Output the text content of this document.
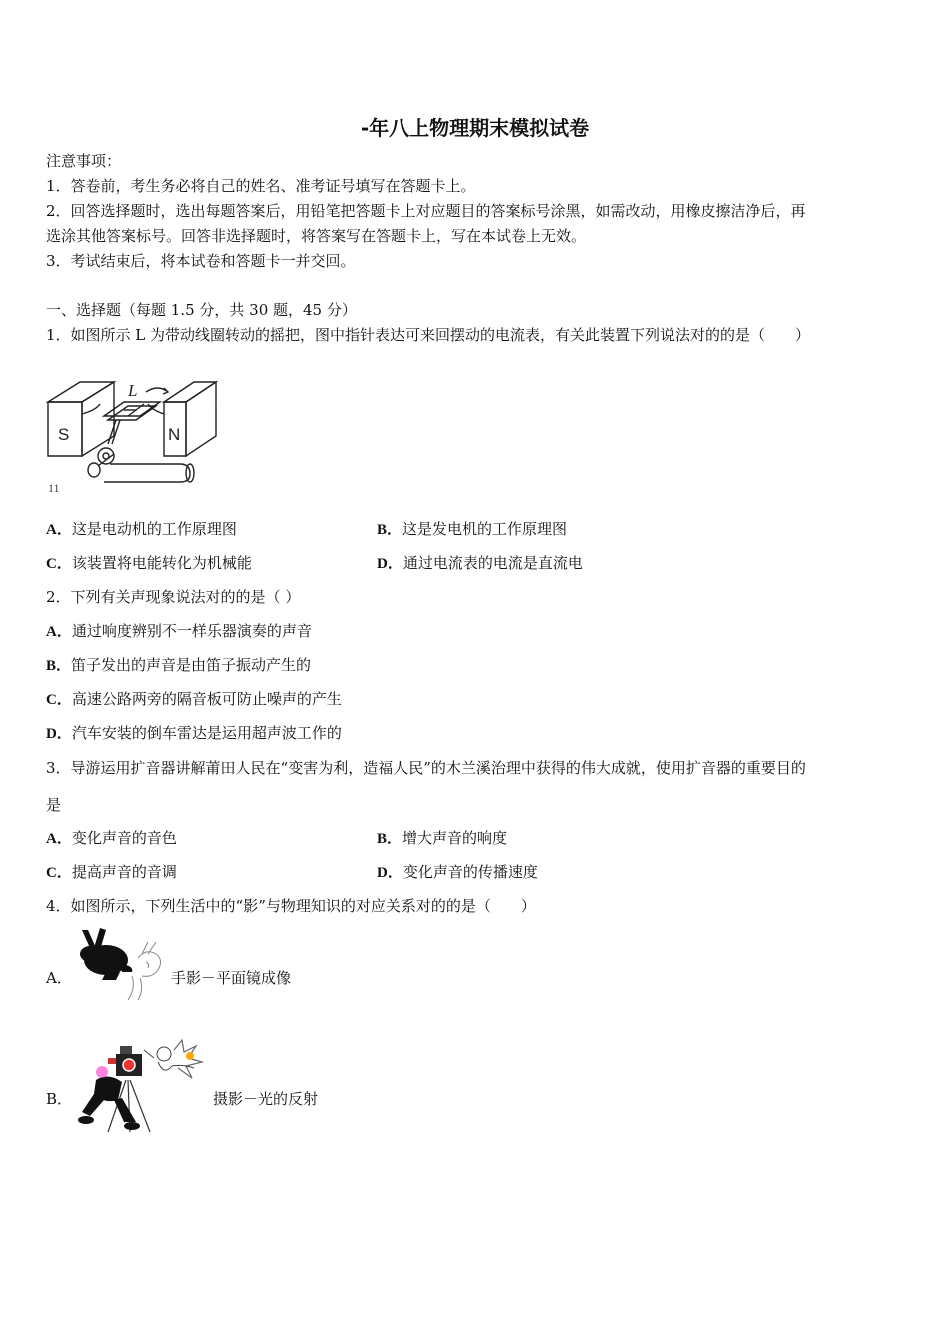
-年八上物理期末模拟试卷
注意事项：
1．答卷前，考生务必将自己的姓名、准考证号填写在答题卡上。
2．回答选择题时，选出每题答案后，用铅笔把答题卡上对应题目的答案标号涂黑，如需改动，用橡皮擦洁净后，再
选涂其他答案标号。回答非选择题时，将答案写在答题卡上，写在本试卷上无效。
3．考试结束后，将本试卷和答题卡一并交回。
一、选择题（每题 1.5 分，共 30 题，45 分）
1．如图所示 L 为带动线圈转动的摇把，图中指针表达可来回摆动的电流表，有关此装置下列说法对的的是（　　）
L
S	N
11
A．这是电动机的工作原理图	B．这是发电机的工作原理图
C．该装置将电能转化为机械能	D．通过电流表的电流是直流电
2．下列有关声现象说法对的的是（ ）
A．通过响度辨别不一样乐器演奏的声音
B．笛子发出的声音是由笛子振动产生的
C．高速公路两旁的隔音板可防止噪声的产生
D．汽车安装的倒车雷达是运用超声波工作的
3．导游运用扩音器讲解莆田人民在“变害为利，造福人民”的木兰溪治理中获得的伟大成就，使用扩音器的重要目的
是
A．变化声音的音色	B．增大声音的响度
C．提高声音的音调	D．变化声音的传播速度
4．如图所示，下列生活中的“影”与物理知识的对应关系对的的是（　　）
A．	手影－平面镜成像
B．	摄影－光的反射
